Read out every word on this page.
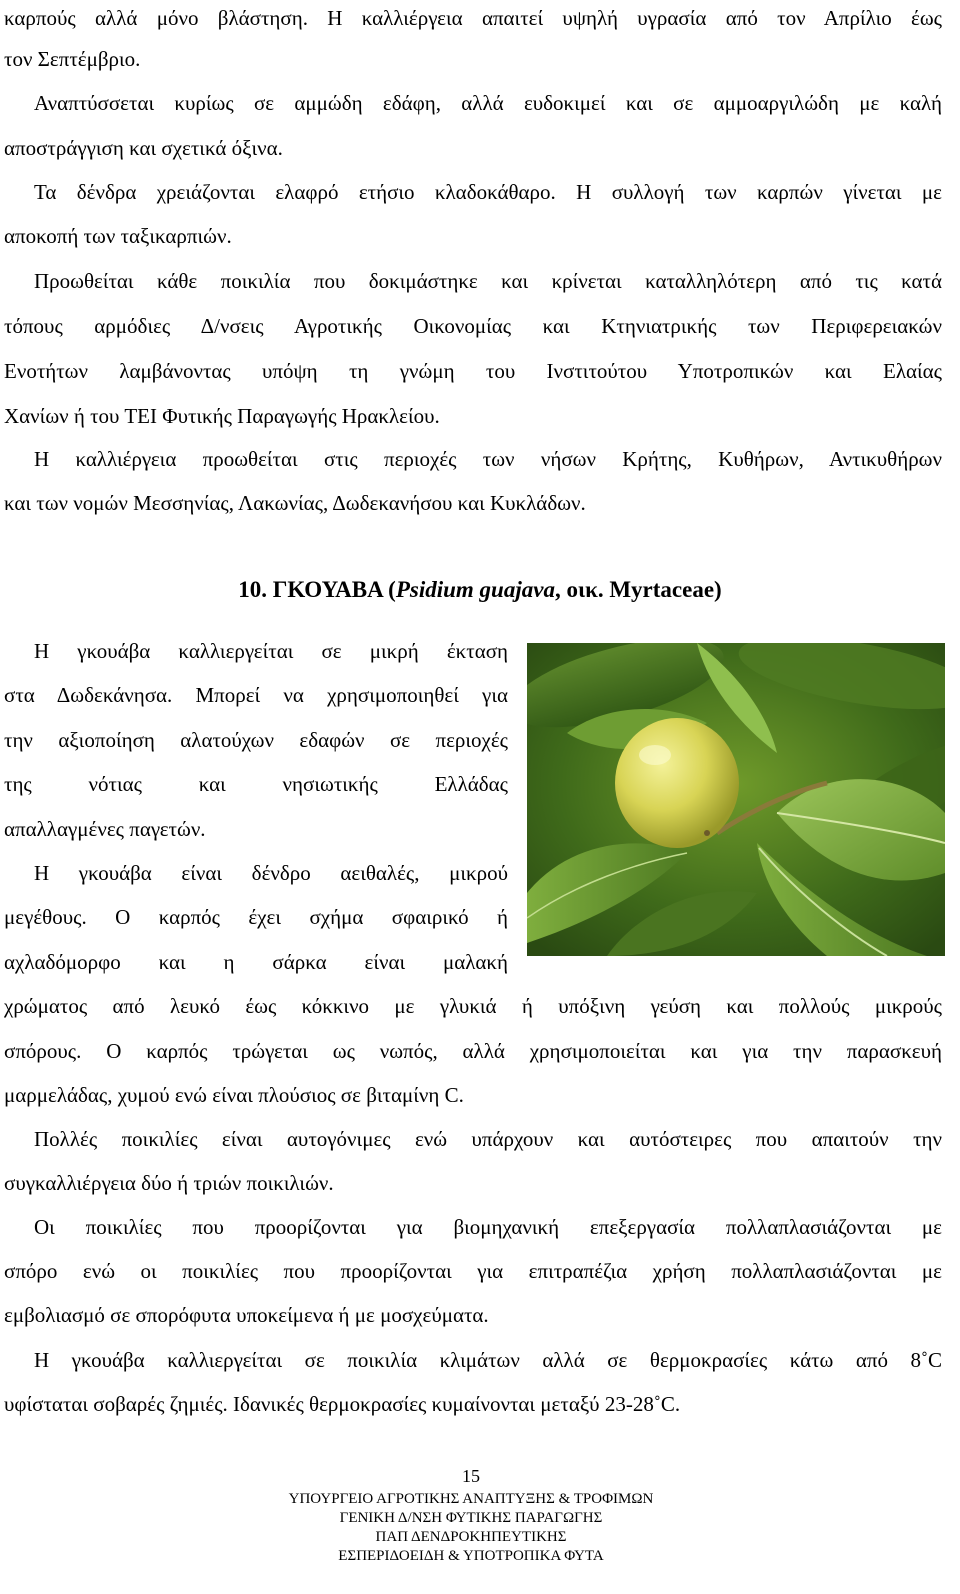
καρπούς αλλά μόνο βλάστηση. Η καλλιέργεια απαιτεί υψηλή υγρασία από τον Απρίλιο έως
τον Σεπτέμβριο.
Αναπτύσσεται κυρίως σε αμμώδη εδάφη, αλλά ευδοκιμεί και σε αμμοαργιλώδη με καλή
αποστράγγιση και σχετικά όξινα.
Τα δένδρα χρειάζονται ελαφρό ετήσιο κλαδοκάθαρο. Η συλλογή των καρπών γίνεται με
αποκοπή των ταξικαρπιών.
Προωθείται κάθε ποικιλία που δοκιμάστηκε και κρίνεται καταλληλότερη από τις κατά
τόπους αρμόδιες Δ/νσεις Αγροτικής Οικονομίας και Κτηνιατρικής των Περιφερειακών
Ενοτήτων λαμβάνοντας υπόψη τη γνώμη του Ινστιτούτου Υποτροπικών και Ελαίας
Χανίων ή του ΤΕΙ Φυτικής Παραγωγής Ηρακλείου.
Η καλλιέργεια προωθείται στις περιοχές των νήσων Κρήτης, Κυθήρων, Αντικυθήρων
και των νομών Μεσσηνίας, Λακωνίας, Δωδεκανήσου και Κυκλάδων.
10. ΓΚΟΥΑΒΑ (Psidium guajava, οικ. Myrtaceae)
Η γκουάβα καλλιεργείται σε μικρή έκταση
στα Δωδεκάνησα. Μπορεί να χρησιμοποιηθεί για
την αξιοποίηση αλατούχων εδαφών σε περιοχές
της νότιας και νησιωτικής Ελλάδας
απαλλαγμένες παγετών.
Η γκουάβα είναι δένδρο αειθαλές, μικρού
μεγέθους. Ο καρπός έχει σχήμα σφαιρικό ή
αχλαδόμορφο και η σάρκα είναι μαλακή
χρώματος από λευκό έως κόκκινο με γλυκιά ή υπόξινη γεύση και πολλούς μικρούς
σπόρους. Ο καρπός τρώγεται ως νωπός, αλλά χρησιμοποιείται και για την παρασκευή
μαρμελάδας, χυμού ενώ είναι πλούσιος σε βιταμίνη C.
Πολλές ποικιλίες είναι αυτογόνιμες ενώ υπάρχουν και αυτόστειρες που απαιτούν την
συγκαλλιέργεια δύο ή τριών ποικιλιών.
Οι ποικιλίες που προορίζονται για βιομηχανική επεξεργασία πολλαπλασιάζονται με
σπόρο ενώ οι ποικιλίες που προορίζονται για επιτραπέζια χρήση πολλαπλασιάζονται με
εμβολιασμό σε σπορόφυτα υποκείμενα ή με μοσχεύματα.
Η γκουάβα καλλιεργείται σε ποικιλία κλιμάτων αλλά σε θερμοκρασίες κάτω από 8˚C
υφίσταται σοβαρές ζημιές. Ιδανικές θερμοκρασίες κυμαίνονται μεταξύ 23-28˚C.
15
ΥΠΟΥΡΓΕΙΟ ΑΓΡΟΤΙΚΗΣ ΑΝΑΠΤΥΞΗΣ & ΤΡΟΦΙΜΩΝ
ΓΕΝΙΚΗ Δ/ΝΣΗ ΦΥΤΙΚΗΣ ΠΑΡΑΓΩΓΗΣ
ΠΑΠ ΔΕΝΔΡΟΚΗΠΕΥΤΙΚΗΣ
ΕΣΠΕΡΙΔΟΕΙΔΗ & ΥΠΟΤΡΟΠΙΚΑ ΦΥΤΑ
